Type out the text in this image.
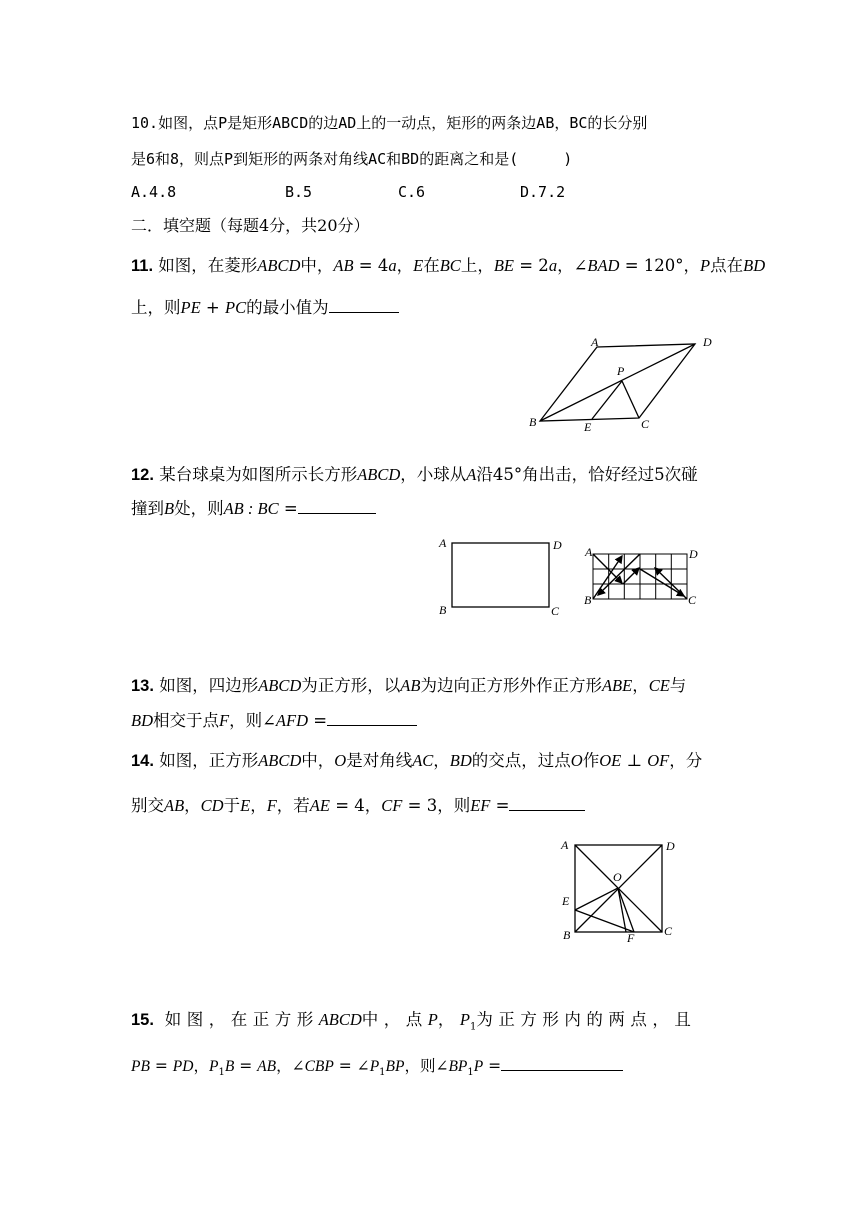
10.如图，点P是矩形ABCD的边AD上的一动点，矩形的两条边AB，BC的长分别
是6和8，则点P到矩形的两条对角线AC和BD的距离之和是(　　　)
A.4.8	B.5	C.6	D.7.2
二．填空题（每题4分，共20分）
11. 如图，在菱形ABCD中，AB = 4a，E在BC上，BE = 2a，∠BAD = 120°，P点在BD
上，则PE + PC的最小值为
A	D
P
B	E	C
12. 某台球桌为如图所示长方形ABCD，小球从A沿45°角出击，恰好经过5次碰
撞到B处，则AB : BC =
A	D
B	C
A	D
B	C
13. 如图，四边形ABCD为正方形，以AB为边向正方形外作正方形ABE，CE与
BD相交于点F，则∠AFD =
14. 如图，正方形ABCD中，O是对角线AC，BD的交点，过点O作OE ⊥ OF，分
别交AB，CD于E，F，若AE = 4，CF = 3，则EF =
A	D
O
E
B	F C
15. 如图，在正方形ABCD中，点P，$P_1$为正方形内的两点，且
PB = PD，$P_1B$ = AB，∠CBP = $\angle P_1BP$，则$\angle BP_1P$ =
